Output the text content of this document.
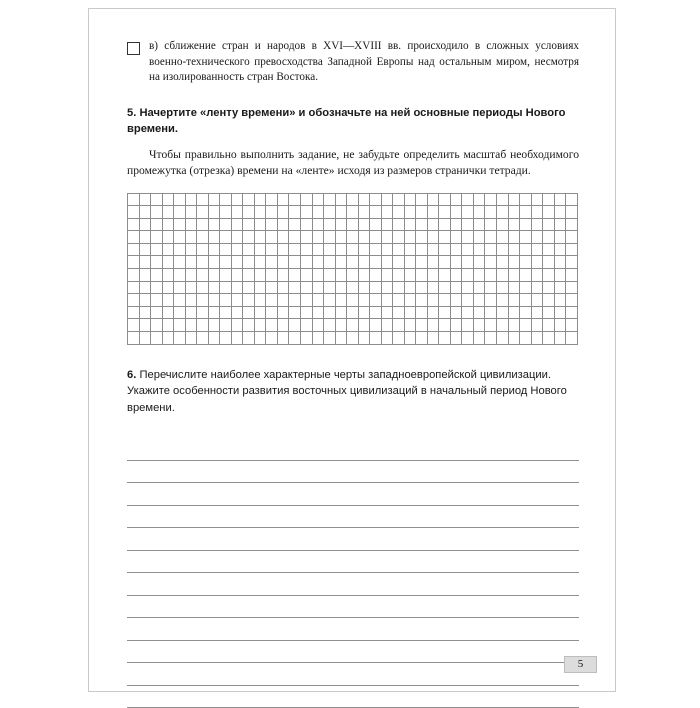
в) сближение стран и народов в XVI—XVIII вв. происходило в сложных условиях военно-технического превосходства Западной Европы над остальным миром, несмотря на изолированность стран Востока.
5. Начертите «ленту времени» и обозначьте на ней основные периоды Нового времени.
Чтобы правильно выполнить задание, не забудьте определить масштаб необходимого промежутка (отрезка) времени на «ленте» исходя из размеров странички тетради.

6. Перечислите наиболее характерные черты западноевропейской цивилизации. Укажите особенности развития восточных цивилизаций в начальный период Нового времени.
5
